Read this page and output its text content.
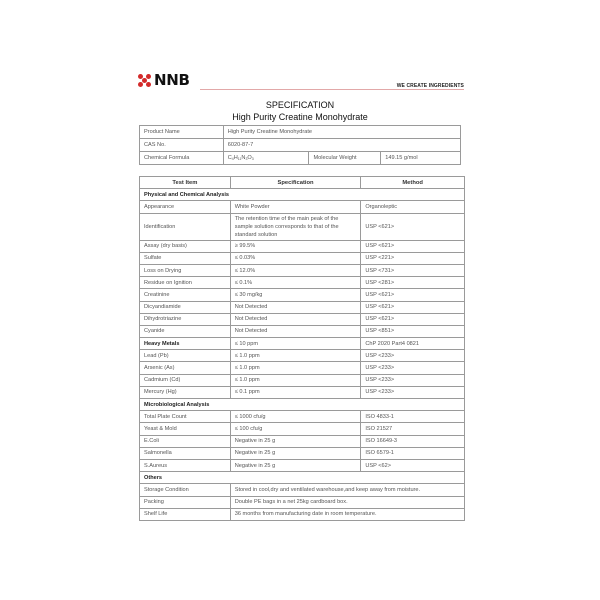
NNB	WE CREATE INGREDIENTS
SPECIFICATION
High Purity Creatine Monohydrate
Product Name	High Purity Creatine Monohydrate		
CAS No.	6020-87-7		
Chemical Formula	$C_4H_{11}N_3O_3$	Molecular Weight	149.15 g/mol
Test Item	Specification	Method
Physical and Chemical Analysis		
Appearance	White Powder	Organoleptic
Identification	The retention time of the main peak of the sample solution corresponds to that of the standard solution	USP <621>
Assay (dry basis)	≥ 99.5%	USP <621>
Sulfate	≤ 0.03%	USP <221>
Loss on Drying	≤ 12.0%	USP <731>
Residue on Ignition	≤ 0.1%	USP <281>
Creatinine	≤ 30 mg/kg	USP <621>
Dicyandiamide	Not Detected	USP <621>
Dihydrotriazine	Not Detected	USP <621>
Cyanide	Not Detected	USP <851>
Heavy Metals	≤ 10 ppm	ChP 2020 Part4 0821
Lead (Pb)	≤ 1.0 ppm	USP <233>
Arsenic (As)	≤ 1.0 ppm	USP <233>
Cadmium (Cd)	≤ 1.0 ppm	USP <233>
Mercury (Hg)	≤ 0.1 ppm	USP <233>
Microbiological Analysis		
Total Plate Count	≤ 1000 cfu/g	ISO 4833-1
Yeast & Mold	≤ 100 cfu/g	ISO 21527
E.Coli	Negative in 25 g	ISO 16649-3
Salmonella	Negative in 25 g	ISO 6579-1
S.Aureus	Negative in 25 g	USP <62>
Others		
Storage Condition	Stored in cool,dry and ventilated warehouse,and keep away from moisture.	
Packing	Double PE bags in a net 25kg cardboard box.	
Shelf Life	36 months from manufacturing date in room temperature.	
